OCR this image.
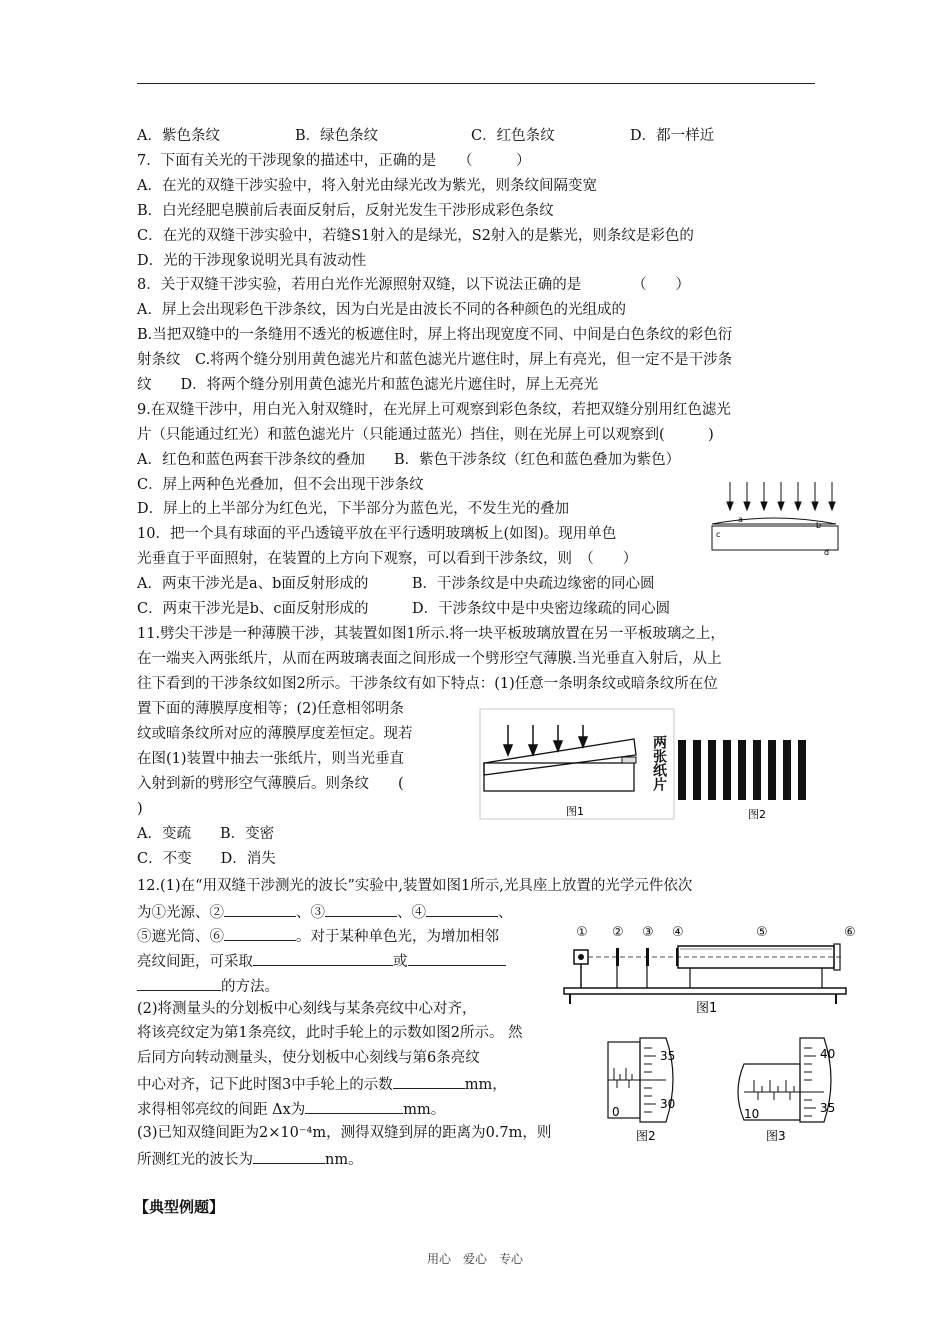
A．紫色条纹	B．绿色条纹	C．红色条纹	D．都一样近
7．下面有关光的干涉现象的描述中，正确的是　　（　　　）
A．在光的双缝干涉实验中，将入射光由绿光改为紫光，则条纹间隔变宽
B．白光经肥皂膜前后表面反射后，反射光发生干涉形成彩色条纹
C．在光的双缝干涉实验中，若缝S1射入的是绿光，S2射入的是紫光，则条纹是彩色的
D．光的干涉现象说明光具有波动性
8．关于双缝干涉实验，若用白光作光源照射双缝，以下说法正确的是　　　　（　　）
A．屏上会出现彩色干涉条纹，因为白光是由波长不同的各种颜色的光组成的
B.当把双缝中的一条缝用不透光的板遮住时，屏上将出现宽度不同、中间是白色条纹的彩色衍
射条纹　C.将两个缝分别用黄色滤光片和蓝色滤光片遮住时，屏上有亮光，但一定不是干涉条
纹　　D．将两个缝分别用黄色滤光片和蓝色滤光片遮住时，屏上无亮光
9.在双缝干涉中，用白光入射双缝时，在光屏上可观察到彩色条纹，若把双缝分别用红色滤光
片（只能通过红光）和蓝色滤光片（只能通过蓝光）挡住，则在光屏上可以观察到(　　　)
A．红色和蓝色两套干涉条纹的叠加　　B．紫色干涉条纹（红色和蓝色叠加为紫色）
C．屏上两种色光叠加，但不会出现干涉条纹
D．屏上的上半部分为红色光，下半部分为蓝色光，不发生光的叠加
a
b
c
d
10．把一个具有球面的平凸透镜平放在平行透明玻璃板上(如图)。现用单色
光垂直于平面照射，在装置的上方向下观察，可以看到干涉条纹，则　（　　）
A．两束干涉光是a、b面反射形成的　　　B．干涉条纹是中央疏边缘密的同心圆
C．两束干涉光是b、c面反射形成的　　　D．干涉条纹中是中央密边缘疏的同心圆
11.劈尖干涉是一种薄膜干涉，其装置如图1所示.将一块平板玻璃放置在另一平板玻璃之上，
在一端夹入两张纸片，从而在两玻璃表面之间形成一个劈形空气薄膜.当光垂直入射后，从上
往下看到的干涉条纹如图2所示。干涉条纹有如下特点：(1)任意一条明条纹或暗条纹所在位
置下面的薄膜厚度相等；(2)任意相邻明条
纹或暗条纹所对应的薄膜厚度差恒定。现若
在图(1)装置中抽去一张纸片，则当光垂直
入射到新的劈形空气薄膜后。则条纹　　(
)
A．变疏　　B．变密
C．不变　　D．消失
图1
两张纸片
图2
12.(1)在“用双缝干涉测光的波长”实验中,装置如图1所示,光具座上放置的光学元件依次
为①光源、②	、③	、④	、
⑤遮光筒、⑥	。对于某种单色光，为增加相邻
亮纹间距，可采取	或
的方法。
(2)将测量头的分划板中心刻线与某条亮纹中心对齐，
将该亮纹定为第1条亮纹，此时手轮上的示数如图2所示。 然
后同方向转动测量头，使分划板中心刻线与第6条亮纹
中心对齐，记下此时图3中手轮上的示数	mm，
求得相邻亮纹的间距 Δx为	mm。
(3)已知双缝间距为2×10⁻⁴m，测得双缝到屏的距离为0.7m，则
所测红光的波长为	nm。
① ② ③ ④	⑤	⑥
图1
35
30
0
图2
40
35
10
图3
【典型例题】
用心　爱心　专心
